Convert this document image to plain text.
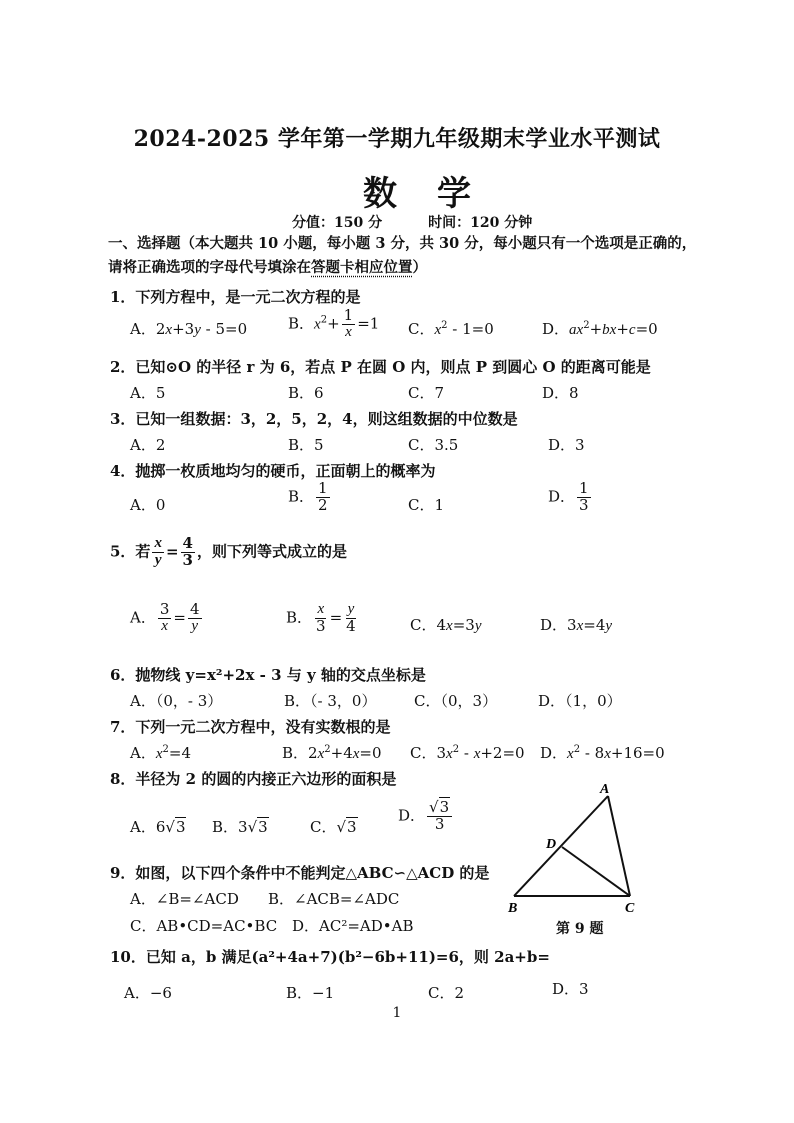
2024-2025 学年第一学期九年级期末学业水平测试
数学
分值：150 分	时间：120 分钟
一、选择题（本大题共 10 小题，每小题 3 分，共 30 分，每小题只有一个选项是正确的，
请将正确选项的字母代号填涂在答题卡相应位置）
1．下列方程中，是一元二次方程的是
A．2x+3y - 5=0	B．$x^2+ \frac{1}{x} =1$ C．$x^2 - 1=0$	D．$ax^2+bx+c=0$
2．已知⊙O 的半径 r 为 6，若点 P 在圆 O 内，则点 P 到圆心 O 的距离可能是
A．5	B．6	C．7	D．8
3．已知一组数据：3，2，5，2，4，则这组数据的中位数是
A．2	B．5	C．3.5	D．3
4．抛掷一枚质地均匀的硬币，正面朝上的概率为
A．0	B． $\frac{1}{2}$	C．1	D． $\frac{1}{3}$
5．若 $\frac{x}{y} = \frac{4}{3}$ ，则下列等式成立的是
A． $\frac{3}{x} = \frac{4}{y}$	B． $\frac{x}{3} = \frac{y}{4}$	C．4x=3y	D．3x=4y
6．抛物线 y=x²+2x - 3 与 y 轴的交点坐标是
A．（0，- 3）	B．（- 3，0）	C．（0，3）	D．（1，0）
7．下列一元二次方程中，没有实数根的是
A．$x^2=4$	B．$2x^2+4x=0$ C．$3x^2 - x+2=0$ D．$x^2 - 8x+16=0$
8．半径为 2 的圆的内接正六边形的面积是
A．6√3 B．3√3	C．√3
D． $\frac{√3}{3}$
9．如图，以下四个条件中不能判定△ABC∽△ACD 的是
A．∠B=∠ACD B．∠ACB=∠ADC
C．AB•CD=AC•BC D．AC²=AD•AB
A
D
B	C
第 9 题
10．已知 a，b 满足(a²+4a+7)(b²−6b+11)=6，则 2a+b=
A．−6	B．−1	C．2	D．3
1
